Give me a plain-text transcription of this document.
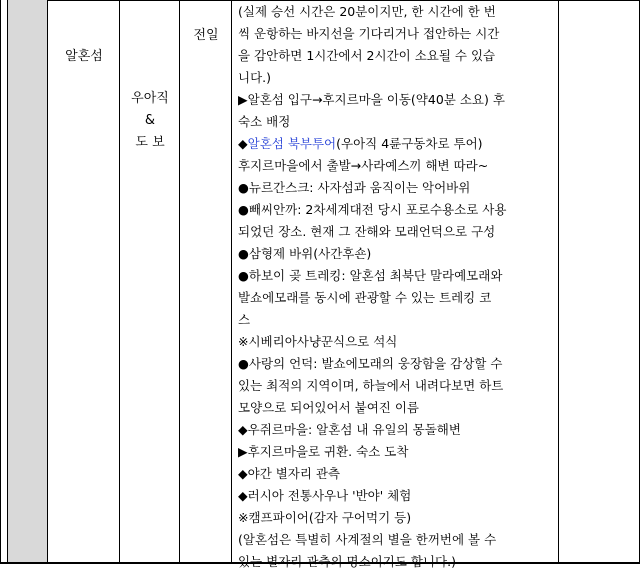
알혼섬
우아직
&
도 보
전일
(실제 승선 시간은 20분이지만, 한 시간에 한 번
씩 운항하는 바지선을 기다리거나 접안하는 시간
을 감안하면 1시간에서 2시간이 소요될 수 있습
니다.)
▶알혼섬 입구→후지르마을 이동(약40분 소요) 후
숙소 배정
◆알혼섬 북부투어(우아직 4륜구동차로 투어)
후지르마을에서 출발→사라예스끼 해변 따라~
●뉴르간스크: 사자섬과 움직이는 악어바위
●빼씨안까: 2차세계대전 당시 포로수용소로 사용
되었던 장소. 현재 그 잔해와 모래언덕으로 구성
●삼형제 바위(사간후숀)
●하보이 곶 트레킹: 알혼섬 최북단 말라예모래와
발쇼에모래를 동시에 관광할 수 있는 트레킹 코
스
※시베리아사냥꾼식으로 석식
●사랑의 언덕: 발쇼에모래의 웅장함을 감상할 수
있는 최적의 지역이며, 하늘에서 내려다보면 하트
모양으로 되어있어서 붙여진 이름
◆우쥐르마을: 알혼섬 내 유일의 몽돌해변
▶후지르마을로 귀환. 숙소 도착
◆야간 별자리 관측
◆러시아 전통사우나 '반야' 체험
※캠프파이어(감자 구어먹기 등)
(알혼섬은 특별히 사계절의 별을 한꺼번에 볼 수
있는 별자리 관측의 명소이기도 합니다.)
